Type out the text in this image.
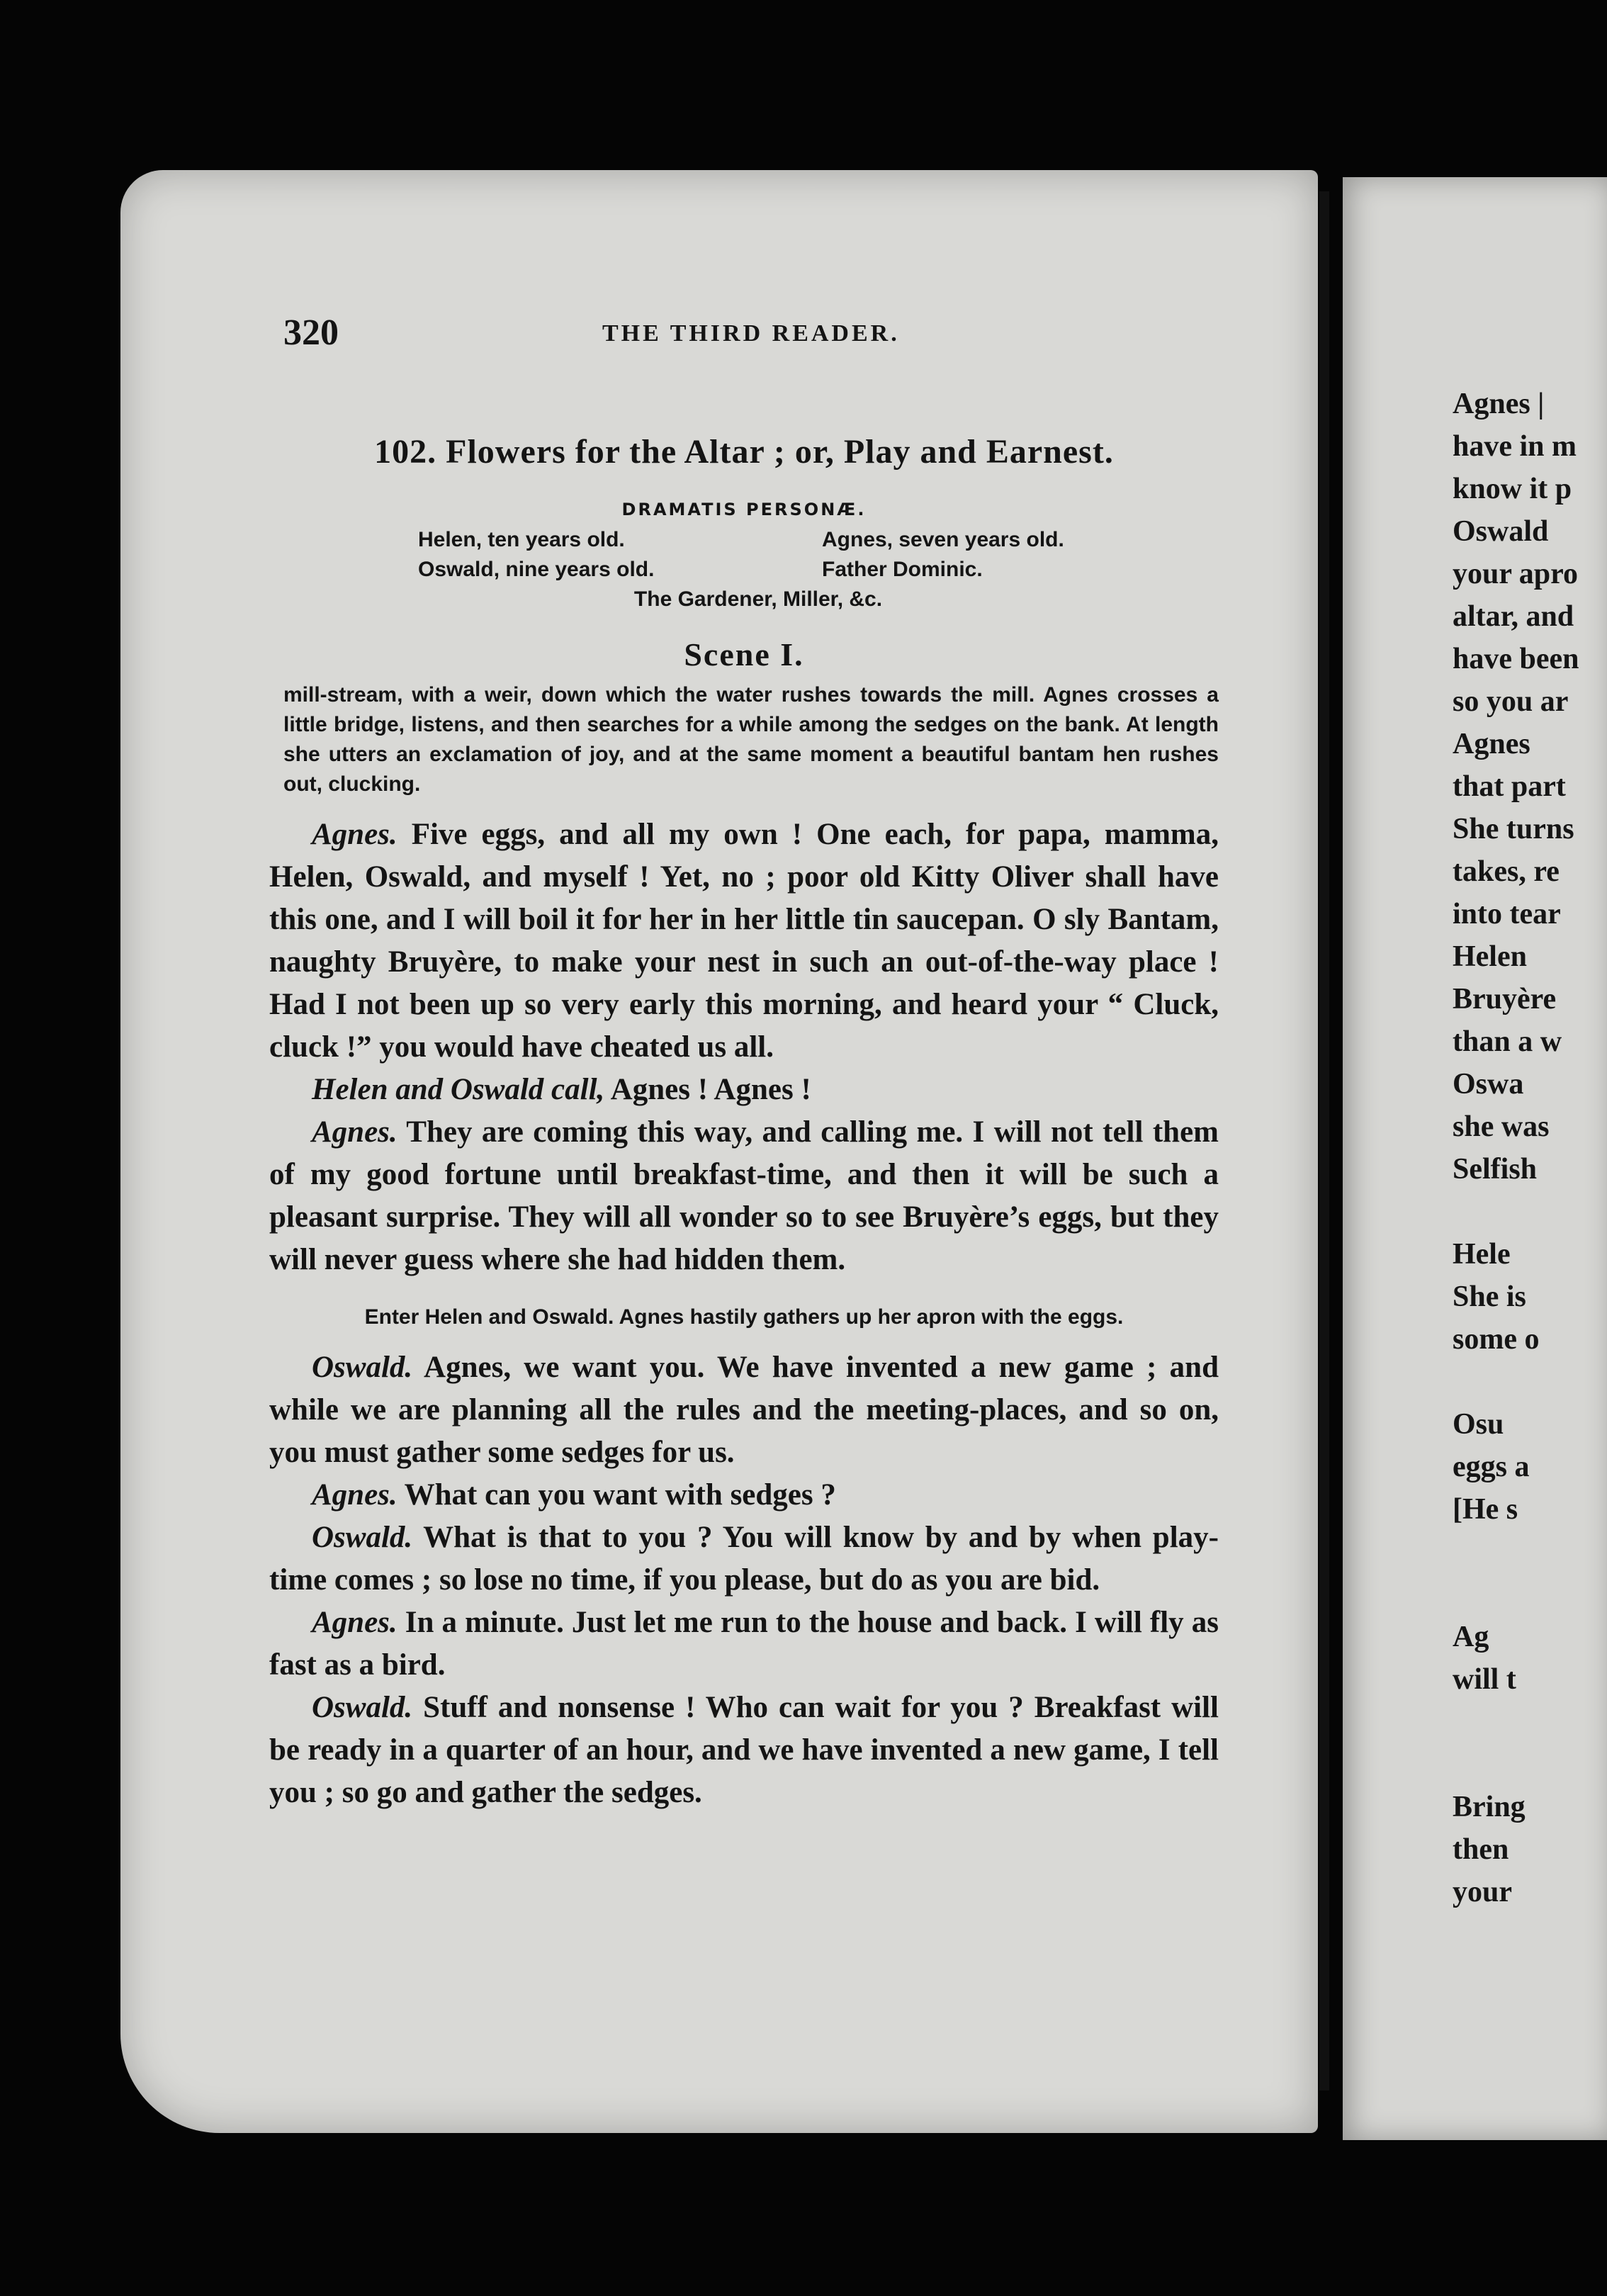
320	THE THIRD READER.
102. Flowers for the Altar ; or, Play and Earnest.
DRAMATIS PERSONÆ.
Helen, ten years old.	Agnes, seven years old.
Oswald, nine years old.	Father Dominic.
The Gardener, Miller, &c.
Scene I.
mill-stream, with a weir, down which the water rushes towards the mill. Agnes crosses a little bridge, listens, and then searches for a while among the sedges on the bank. At length she utters an exclamation of joy, and at the same moment a beautiful bantam hen rushes out, clucking.

Agnes. Five eggs, and all my own ! One each, for papa, mamma, Helen, Oswald, and myself ! Yet, no ; poor old Kitty Oliver shall have this one, and I will boil it for her in her little tin saucepan. O sly Bantam, naughty Bruyère, to make your nest in such an out-of-the-way place ! Had I not been up so very early this morning, and heard your “ Cluck, cluck !” you would have cheated us all.

Helen and Oswald call, Agnes ! Agnes !

Agnes. They are coming this way, and calling me. I will not tell them of my good fortune until breakfast-time, and then it will be such a pleasant surprise. They will all wonder so to see Bruyère’s eggs, but they will never guess where she had hidden them.

Enter Helen and Oswald. Agnes hastily gathers up her apron with the eggs.

Oswald. Agnes, we want you. We have invented a new game ; and while we are planning all the rules and the meeting-places, and so on, you must gather some sedges for us.

Agnes. What can you want with sedges ?

Oswald. What is that to you ? You will know by and by when play-time comes ; so lose no time, if you please, but do as you are bid.

Agnes. In a minute. Just let me run to the house and back. I will fly as fast as a bird.

Oswald. Stuff and nonsense ! Who can wait for you ? Breakfast will be ready in a quarter of an hour, and we have invented a new game, I tell you ; so go and gather the sedges.

Agnes |
have in m
know it p
Oswald
your apro
altar, and
have been
so you ar
Agnes
that part
She turns
takes, re
into tear
Helen
Bruyère
than a w
Oswa
she was
Selfish

Hele
She is
some o

Osu
eggs a
[He s

Ag
will t

Bring
then
your
